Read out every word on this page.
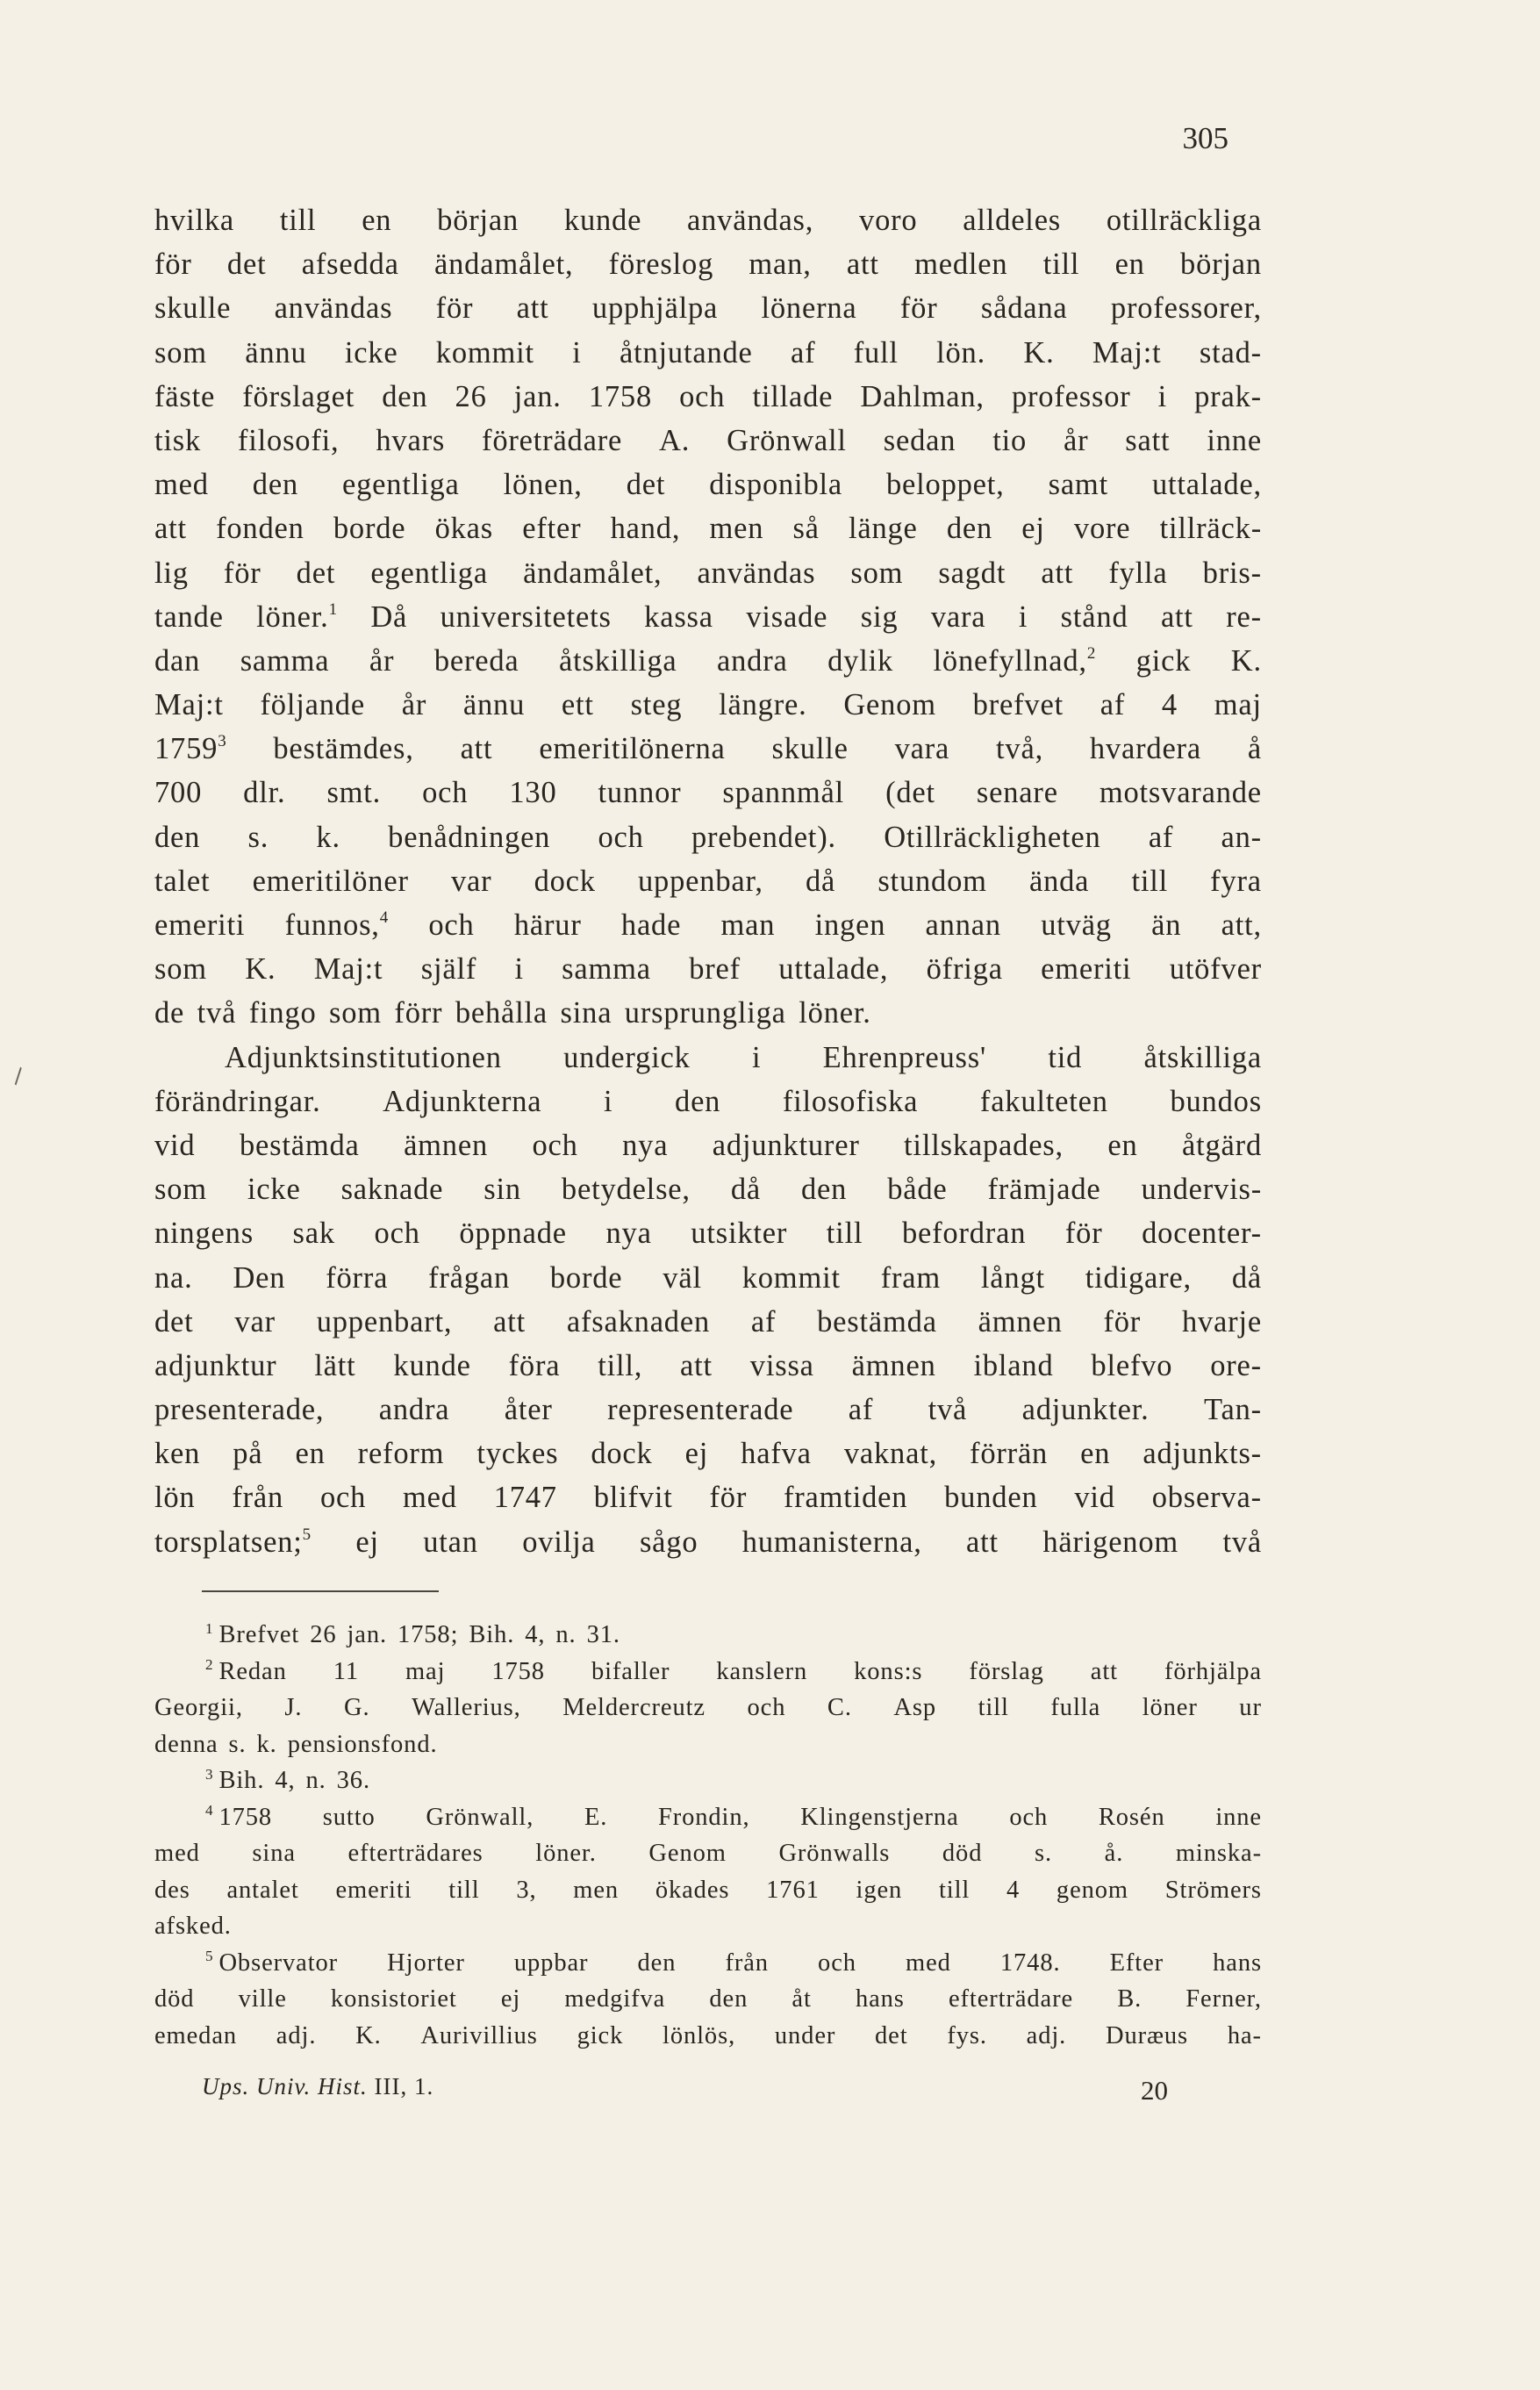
305
∖
hvilka till en början kunde användas, voro alldeles otillräckliga
för det afsedda ändamålet, föreslog man, att medlen till en början
skulle användas för att upphjälpa lönerna för sådana professorer,
som ännu icke kommit i åtnjutande af full lön. K. Maj:t stad-
fäste förslaget den 26 jan. 1758 och tillade Dahlman, professor i prak-
tisk filosofi, hvars företrädare A. Grönwall sedan tio år satt inne
med den egentliga lönen, det disponibla beloppet, samt uttalade,
att fonden borde ökas efter hand, men så länge den ej vore tillräck-
lig för det egentliga ändamålet, användas som sagdt att fylla bris-
tande löner.$^1$ Då universitetets kassa visade sig vara i stånd att re-
dan samma år bereda åtskilliga andra dylik lönefyllnad,$^2$ gick K.
Maj:t följande år ännu ett steg längre. Genom brefvet af 4 maj
1759$^3$ bestämdes, att emeritilönerna skulle vara två, hvardera å
700 dlr. smt. och 130 tunnor spannmål (det senare motsvarande
den s. k. benådningen och prebendet). Otillräckligheten af an-
talet emeritilöner var dock uppenbar, då stundom ända till fyra
emeriti funnos,$^4$ och härur hade man ingen annan utväg än att,
som K. Maj:t själf i samma bref uttalade, öfriga emeriti utöfver
de två fingo som förr behålla sina ursprungliga löner.
Adjunktsinstitutionen undergick i Ehrenpreuss' tid åtskilliga
förändringar. Adjunkterna i den filosofiska fakulteten bundos
vid bestämda ämnen och nya adjunkturer tillskapades, en åtgärd
som icke saknade sin betydelse, då den både främjade undervis-
ningens sak och öppnade nya utsikter till befordran för docenter-
na. Den förra frågan borde väl kommit fram långt tidigare, då
det var uppenbart, att afsaknaden af bestämda ämnen för hvarje
adjunktur lätt kunde föra till, att vissa ämnen ibland blefvo ore-
presenterade, andra åter representerade af två adjunkter. Tan-
ken på en reform tyckes dock ej hafva vaknat, förrän en adjunkts-
lön från och med 1747 blifvit för framtiden bunden vid observa-
torsplatsen;$^5$ ej utan ovilja sågo humanisterna, att härigenom två
$^1$ Brefvet 26 jan. 1758; Bih. 4, n. 31.
$^2$ Redan 11 maj 1758 bifaller kanslern kons:s förslag att förhjälpa
Georgii, J. G. Wallerius, Meldercreutz och C. Asp till fulla löner ur
denna s. k. pensionsfond.
$^3$ Bih. 4, n. 36.
$^4$ 1758 sutto Grönwall, E. Frondin, Klingenstjerna och Rosén inne
med sina efterträdares löner. Genom Grönwalls död s. å. minska-
des antalet emeriti till 3, men ökades 1761 igen till 4 genom Strömers
afsked.
$^5$ Observator Hjorter uppbar den från och med 1748. Efter hans
död ville konsistoriet ej medgifva den åt hans efterträdare B. Ferner,
emedan adj. K. Aurivillius gick lönlös, under det fys. adj. Duræus ha-
Ups. Univ. Hist. III, 1.	20
